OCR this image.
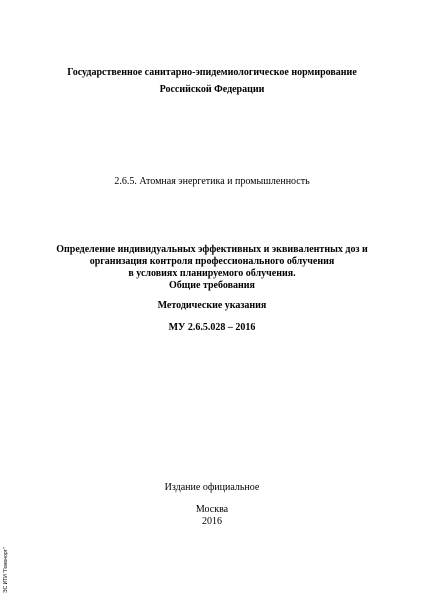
Государственное санитарно-эпидемиологическое нормирование
Российской Федерации
2.6.5. Атомная энергетика и промышленность
Определение индивидуальных эффективных и эквивалентных доз и
организация контроля профессионального облучения
в условиях планируемого облучения.
Общие требования
Методические указания
МУ 2.6.5.028 – 2016
Издание официальное
Москва
2016
ЭС ИТИ "Гемонорт"
